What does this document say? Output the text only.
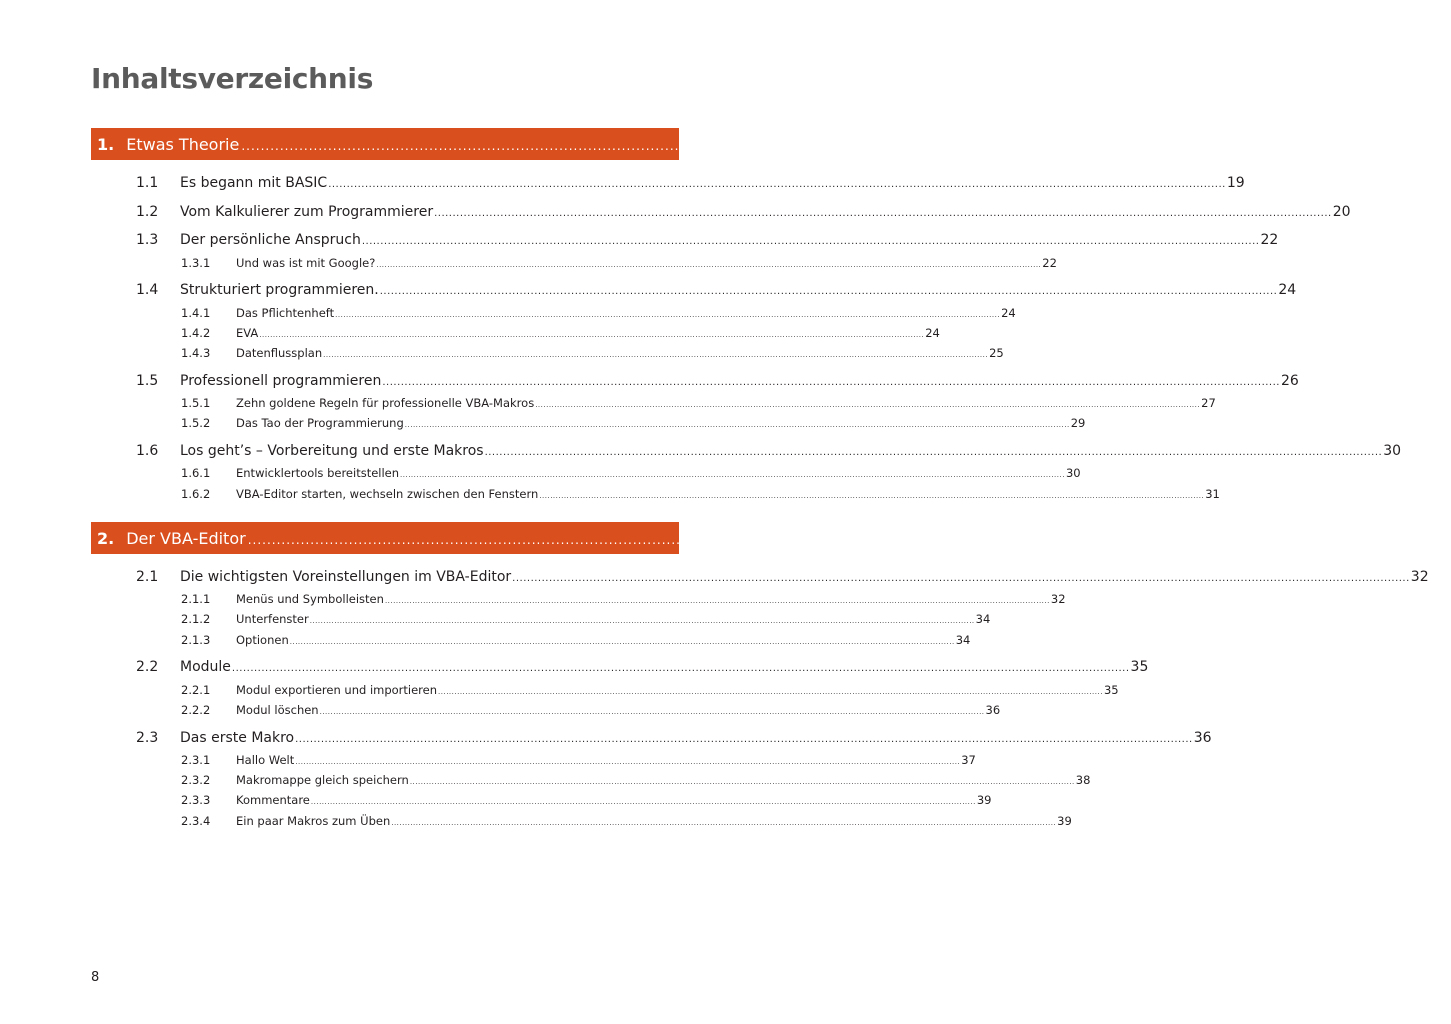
Inhaltsverzeichnis
1. Etwas Theorie .................................................................................................................................................................................................................................................... 19
1.1	Es begann mit BASIC .................................................................................................................................................................................................................................................... 19
1.2	Vom Kalkulierer zum Programmierer .................................................................................................................................................................................................................................................... 20
1.3	Der persönliche Anspruch .................................................................................................................................................................................................................................................... 22
1.3.1	Und was ist mit Google? .................................................................................................................................................................................................................................................... 22
1.4	Strukturiert programmieren. .................................................................................................................................................................................................................................................... 24
1.4.1	Das Pflichtenheft .................................................................................................................................................................................................................................................... 24
1.4.2	EVA .................................................................................................................................................................................................................................................... 24
1.4.3	Datenflussplan .................................................................................................................................................................................................................................................... 25
1.5	Professionell programmieren .................................................................................................................................................................................................................................................... 26
1.5.1	Zehn goldene Regeln für professionelle VBA-Makros .................................................................................................................................................................................................................................................... 27
1.5.2	Das Tao der Programmierung .................................................................................................................................................................................................................................................... 29
1.6	Los geht’s – Vorbereitung und erste Makros .................................................................................................................................................................................................................................................... 30
1.6.1	Entwicklertools bereitstellen .................................................................................................................................................................................................................................................... 30
1.6.2	VBA-Editor starten, wechseln zwischen den Fenstern .................................................................................................................................................................................................................................................... 31
2. Der VBA-Editor .................................................................................................................................................................................................................................................... 32
2.1	Die wichtigsten Voreinstellungen im VBA-Editor .................................................................................................................................................................................................................................................... 32
2.1.1	Menüs und Symbolleisten .................................................................................................................................................................................................................................................... 32
2.1.2	Unterfenster .................................................................................................................................................................................................................................................... 34
2.1.3	Optionen .................................................................................................................................................................................................................................................... 34
2.2	Module .................................................................................................................................................................................................................................................... 35
2.2.1	Modul exportieren und importieren .................................................................................................................................................................................................................................................... 35
2.2.2	Modul löschen .................................................................................................................................................................................................................................................... 36
2.3	Das erste Makro .................................................................................................................................................................................................................................................... 36
2.3.1	Hallo Welt .................................................................................................................................................................................................................................................... 37
2.3.2	Makromappe gleich speichern .................................................................................................................................................................................................................................................... 38
2.3.3	Kommentare .................................................................................................................................................................................................................................................... 39
2.3.4	Ein paar Makros zum Üben .................................................................................................................................................................................................................................................... 39
8
